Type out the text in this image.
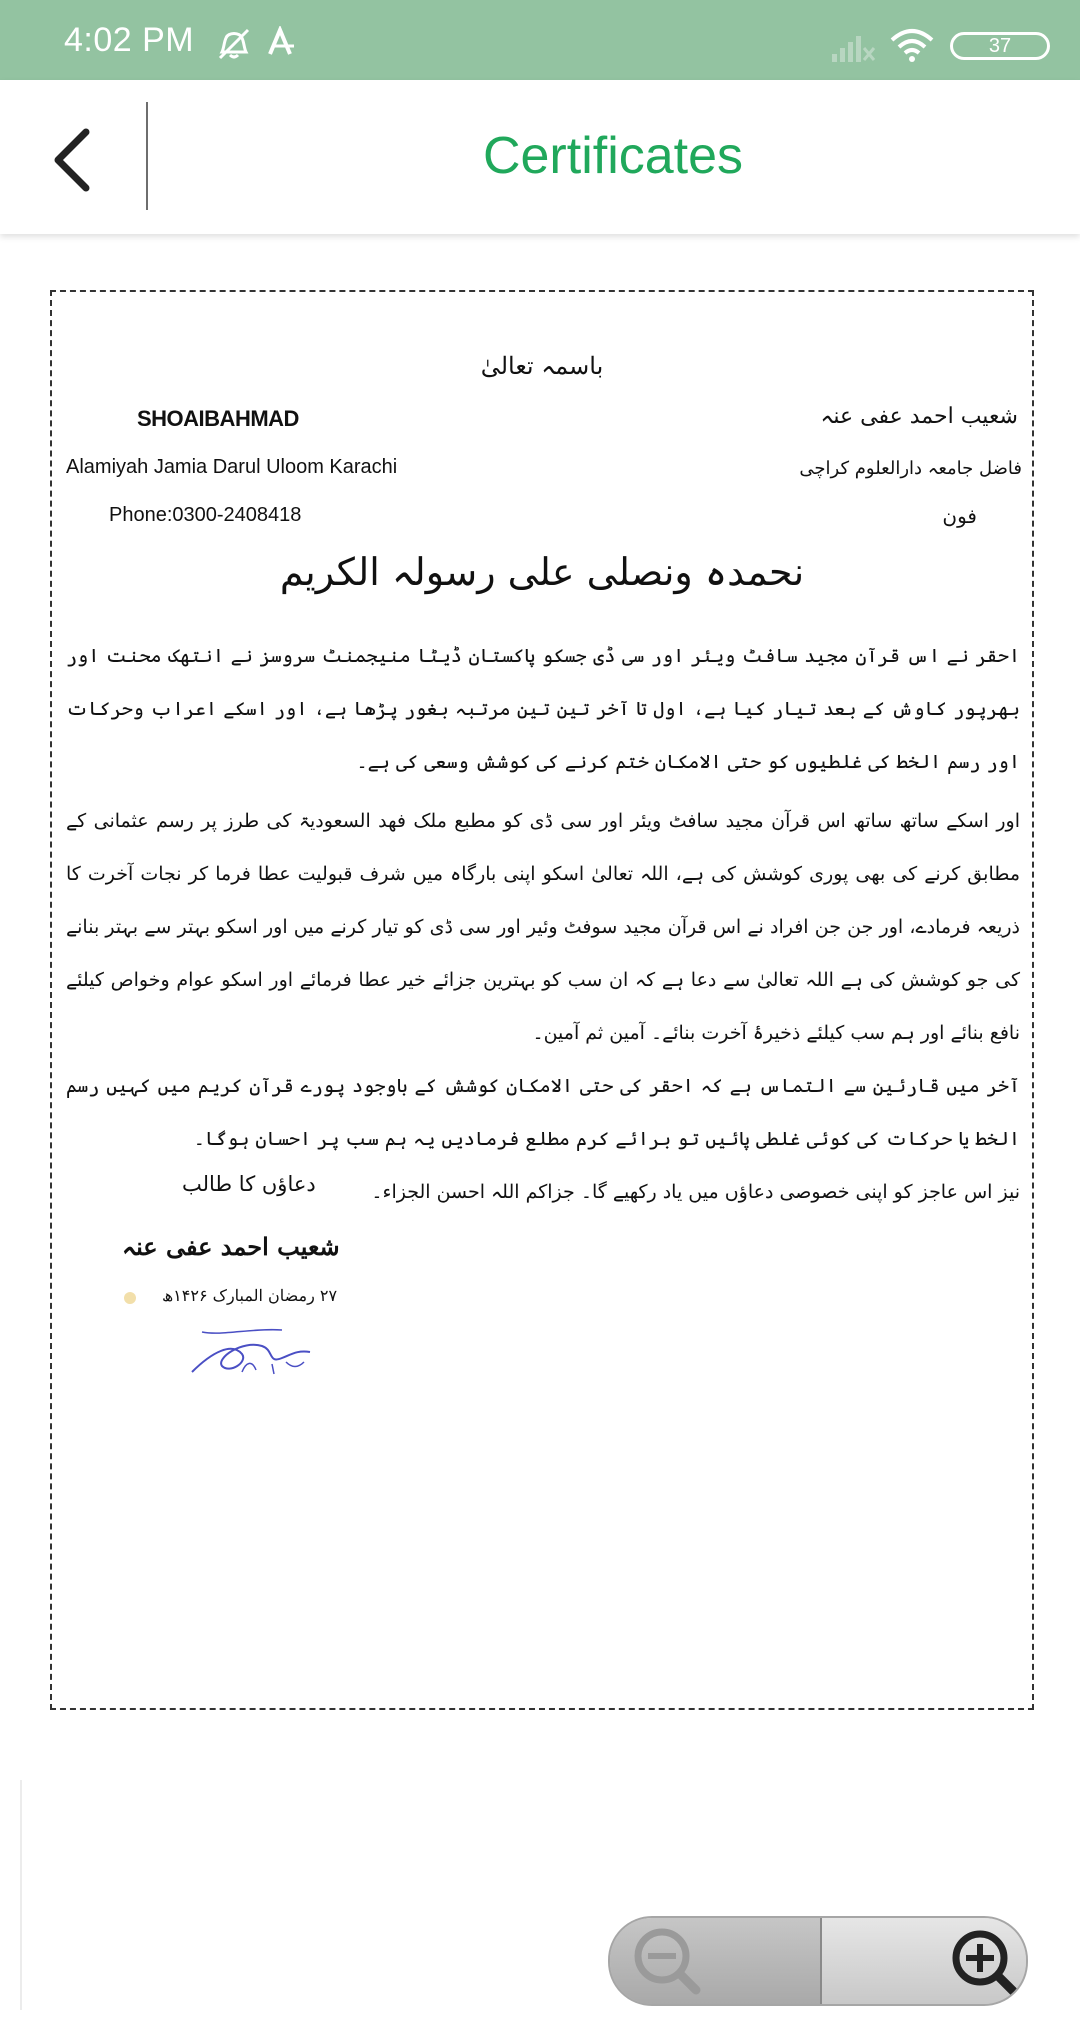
4:02 PM	37
Certificates
باسمہ تعالیٰ
SHOAIBAHMAD
Alamiyah Jamia Darul Uloom Karachi
Phone:0300-2408418
شعیب احمد عفی عنہ
فاضل جامعہ دارالعلوم کراچی
فون
نحمدہ ونصلی علی رسولہ الکریم

احقر نے اس قرآن مجید سافٹ ویئر اور سی ڈی جسکو پاکستان ڈیٹا منیجمنٹ سروسز نے انتھک محنت اور بھرپور کاوش کے بعد تیار کیا ہے، اول تا آخر تین تین مرتبہ بغور پڑھا ہے، اور اسکے اعراب وحرکات اور رسم الخط کی غلطیوں کو حتی الامکان ختم کرنے کی کوشش وسعی کی ہے۔

اور اسکے ساتھ ساتھ اس قرآن مجید سافٹ ویئر اور سی ڈی کو مطبع ملک فھد السعودیۃ کی طرز پر رسم عثمانی کے مطابق کرنے کی بھی پوری کوشش کی ہے، اللہ تعالیٰ اسکو اپنی بارگاہ میں شرف قبولیت عطا فرما کر نجات آخرت کا ذریعہ فرمادے، اور جن جن افراد نے اس قرآن مجید سوفٹ وئیر اور سی ڈی کو تیار کرنے میں اور اسکو بہتر سے بہتر بنانے کی جو کوشش کی ہے اللہ تعالیٰ سے دعا ہے کہ ان سب کو بہترین جزائے خیر عطا فرمائے اور اسکو عوام وخواص کیلئے نافع بنائے اور ہم سب کیلئے ذخیرۂ آخرت بنائے۔ آمین ثم آمین۔

آخر میں قارئین سے التماس ہے کہ احقر کی حتی الامکان کوشش کے باوجود پورے قرآن کریم میں کہیں رسم الخط یا حرکات کی کوئی غلطی پائیں تو برائے کرم مطلع فرمادیں یہ ہم سب پر احسان ہوگا۔

نیز اس عاجز کو اپنی خصوصی دعاؤں میں یاد رکھیے گا۔ جزاکم اللہ احسن الجزاء۔

دعاؤں کا طالب
شعیب احمد عفی عنہ
۲۷ رمضان المبارک ۱۴۲۶ھ
